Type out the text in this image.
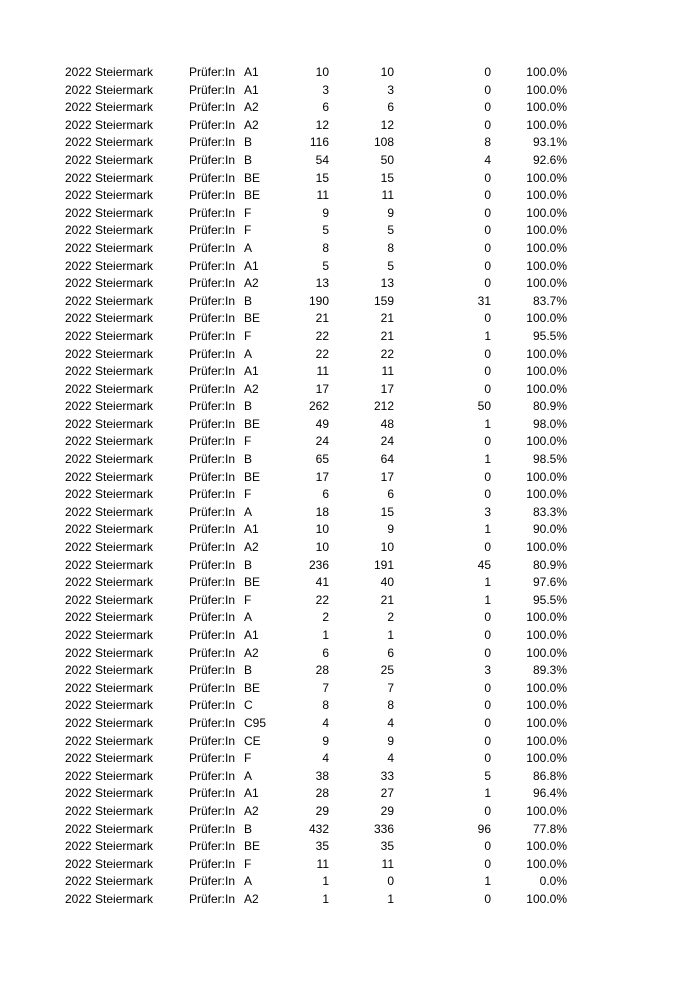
2022 Steiermark	Prüfer:In A1	10	10	0	100.0%
2022 Steiermark	Prüfer:In A1	3	3	0	100.0%
2022 Steiermark	Prüfer:In A2	6	6	0	100.0%
2022 Steiermark	Prüfer:In A2	12	12	0	100.0%
2022 Steiermark	Prüfer:In B	116	108	8	93.1%
2022 Steiermark	Prüfer:In B	54	50	4	92.6%
2022 Steiermark	Prüfer:In BE	15	15	0	100.0%
2022 Steiermark	Prüfer:In BE	11	11	0	100.0%
2022 Steiermark	Prüfer:In F	9	9	0	100.0%
2022 Steiermark	Prüfer:In F	5	5	0	100.0%
2022 Steiermark	Prüfer:In A	8	8	0	100.0%
2022 Steiermark	Prüfer:In A1	5	5	0	100.0%
2022 Steiermark	Prüfer:In A2	13	13	0	100.0%
2022 Steiermark	Prüfer:In B	190	159	31	83.7%
2022 Steiermark	Prüfer:In BE	21	21	0	100.0%
2022 Steiermark	Prüfer:In F	22	21	1	95.5%
2022 Steiermark	Prüfer:In A	22	22	0	100.0%
2022 Steiermark	Prüfer:In A1	11	11	0	100.0%
2022 Steiermark	Prüfer:In A2	17	17	0	100.0%
2022 Steiermark	Prüfer:In B	262	212	50	80.9%
2022 Steiermark	Prüfer:In BE	49	48	1	98.0%
2022 Steiermark	Prüfer:In F	24	24	0	100.0%
2022 Steiermark	Prüfer:In B	65	64	1	98.5%
2022 Steiermark	Prüfer:In BE	17	17	0	100.0%
2022 Steiermark	Prüfer:In F	6	6	0	100.0%
2022 Steiermark	Prüfer:In A	18	15	3	83.3%
2022 Steiermark	Prüfer:In A1	10	9	1	90.0%
2022 Steiermark	Prüfer:In A2	10	10	0	100.0%
2022 Steiermark	Prüfer:In B	236	191	45	80.9%
2022 Steiermark	Prüfer:In BE	41	40	1	97.6%
2022 Steiermark	Prüfer:In F	22	21	1	95.5%
2022 Steiermark	Prüfer:In A	2	2	0	100.0%
2022 Steiermark	Prüfer:In A1	1	1	0	100.0%
2022 Steiermark	Prüfer:In A2	6	6	0	100.0%
2022 Steiermark	Prüfer:In B	28	25	3	89.3%
2022 Steiermark	Prüfer:In BE	7	7	0	100.0%
2022 Steiermark	Prüfer:In C	8	8	0	100.0%
2022 Steiermark	Prüfer:In C95	4	4	0	100.0%
2022 Steiermark	Prüfer:In CE	9	9	0	100.0%
2022 Steiermark	Prüfer:In F	4	4	0	100.0%
2022 Steiermark	Prüfer:In A	38	33	5	86.8%
2022 Steiermark	Prüfer:In A1	28	27	1	96.4%
2022 Steiermark	Prüfer:In A2	29	29	0	100.0%
2022 Steiermark	Prüfer:In B	432	336	96	77.8%
2022 Steiermark	Prüfer:In BE	35	35	0	100.0%
2022 Steiermark	Prüfer:In F	11	11	0	100.0%
2022 Steiermark	Prüfer:In A	1	0	1	0.0%
2022 Steiermark	Prüfer:In A2	1	1	0	100.0%
